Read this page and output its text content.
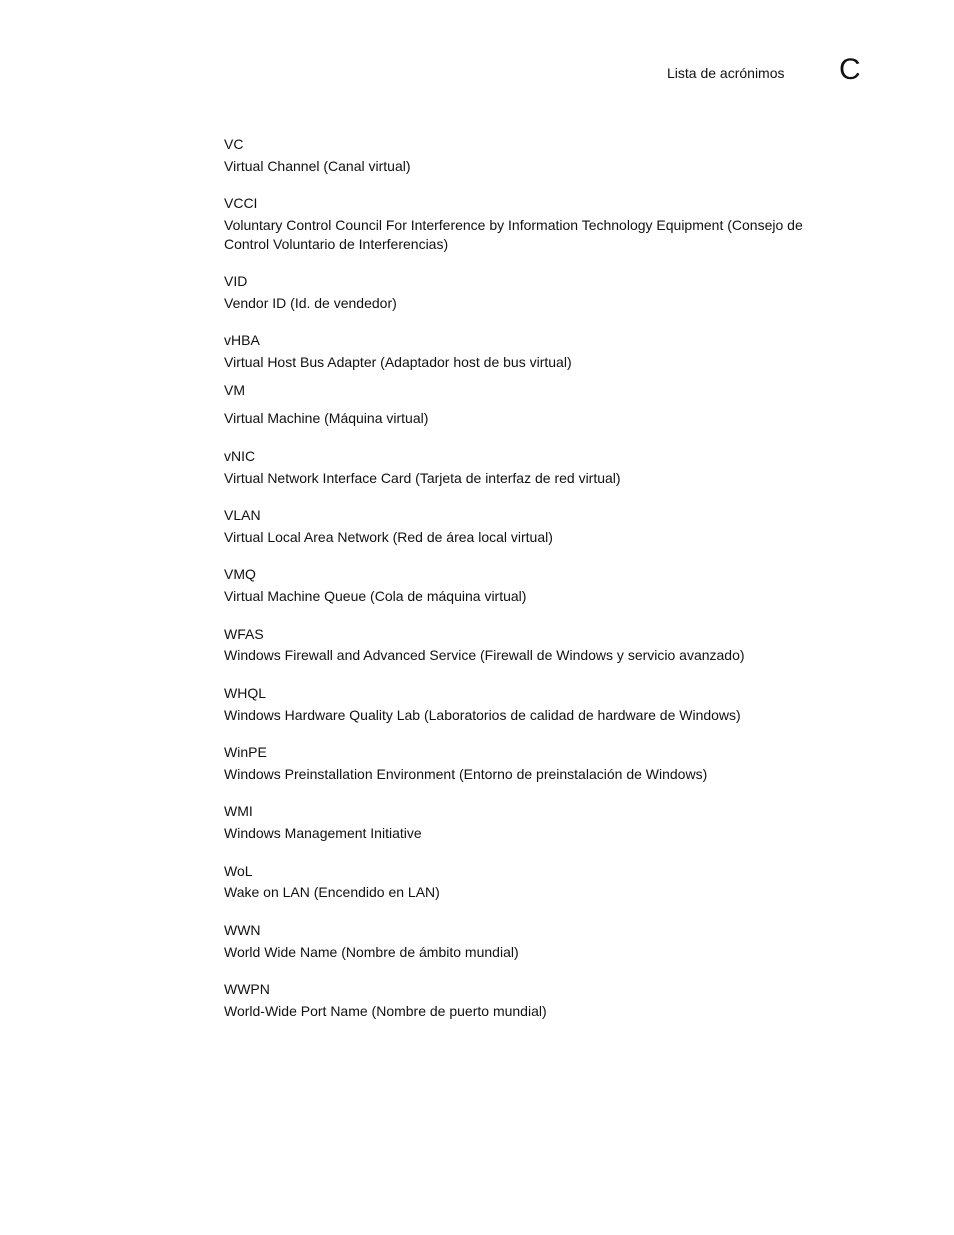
Lista de acrónimos C
VC
Virtual Channel (Canal virtual)
VCCI
Voluntary Control Council For Interference by Information Technology Equipment (Consejo de Control Voluntario de Interferencias)
VID
Vendor ID (Id. de vendedor)
vHBA
Virtual Host Bus Adapter (Adaptador host de bus virtual)
VM
Virtual Machine (Máquina virtual)
vNIC
Virtual Network Interface Card (Tarjeta de interfaz de red virtual)
VLAN
Virtual Local Area Network (Red de área local virtual)
VMQ
Virtual Machine Queue (Cola de máquina virtual)
WFAS
Windows Firewall and Advanced Service (Firewall de Windows y servicio avanzado)
WHQL
Windows Hardware Quality Lab (Laboratorios de calidad de hardware de Windows)
WinPE
Windows Preinstallation Environment (Entorno de preinstalación de Windows)
WMI
Windows Management Initiative
WoL
Wake on LAN (Encendido en LAN)
WWN
World Wide Name (Nombre de ámbito mundial)
WWPN
World-Wide Port Name (Nombre de puerto mundial)
